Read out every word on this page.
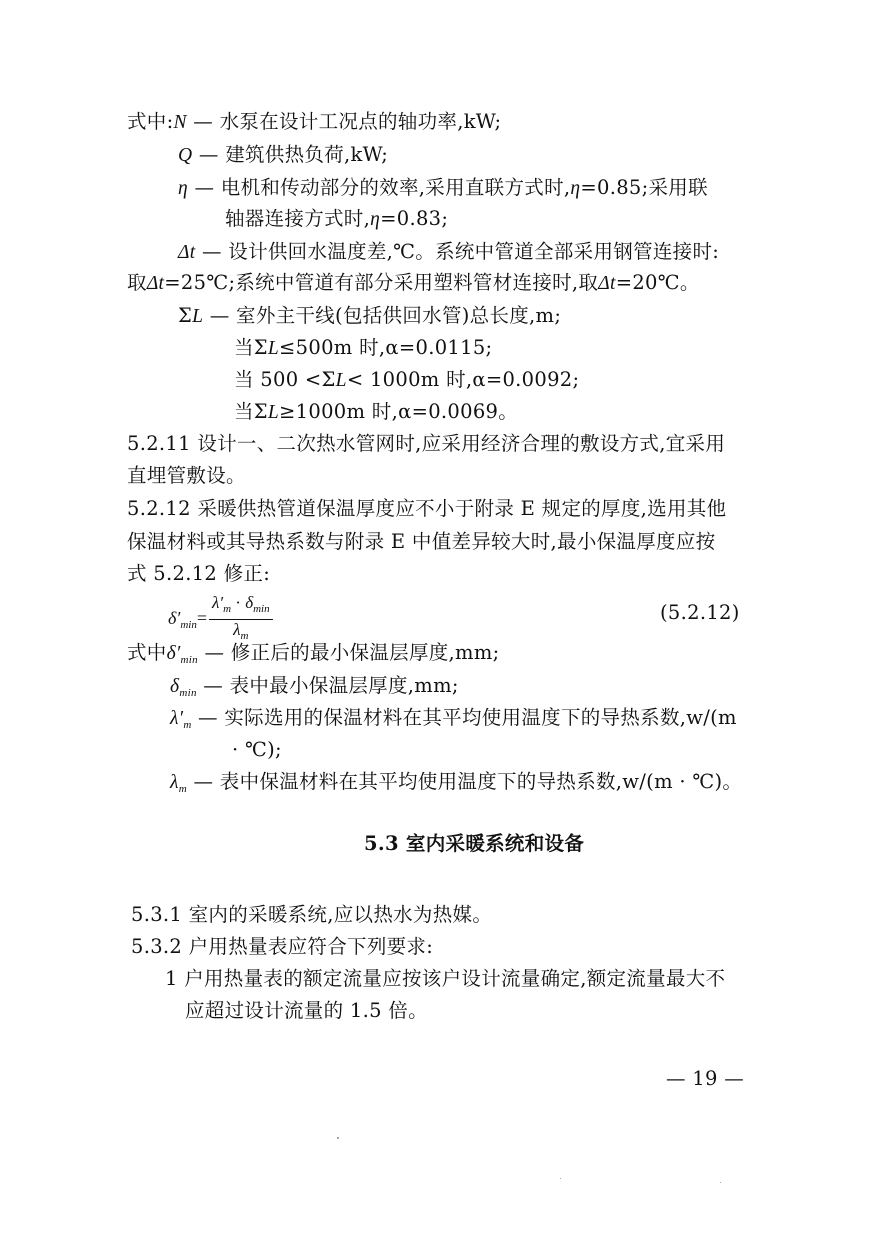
式中:N — 水泵在设计工况点的轴功率,kW;
Q — 建筑供热负荷,kW;
η — 电机和传动部分的效率,采用直联方式时,η=0.85;采用联
轴器连接方式时,η=0.83;
Δt — 设计供回水温度差,℃。系统中管道全部采用钢管连接时:
取Δt=25℃;系统中管道有部分采用塑料管材连接时,取Δt=20℃。
ΣL — 室外主干线(包括供回水管)总长度,m;
当ΣL≤500m 时,α=0.0115;
当 500 <ΣL< 1000m 时,α=0.0092;
当ΣL≥1000m 时,α=0.0069。
5.2.11 设计一、二次热水管网时,应采用经济合理的敷设方式,宜采用
直埋管敷设。
5.2.12 采暖供热管道保温厚度应不小于附录 E 规定的厚度,选用其他
保温材料或其导热系数与附录 E 中值差异较大时,最小保温厚度应按
式 5.2.12 修正:
$\delta'_{min}= \frac{\lambda'_m \cdot \delta_{min}}{\lambda_m}$	(5.2.12)
式中$\delta'_{min}$ — 修正后的最小保温层厚度,mm;
$\delta_{min}$ — 表中最小保温层厚度,mm;
$\lambda'_m$ — 实际选用的保温材料在其平均使用温度下的导热系数,w/(m
· ℃);
$\lambda_m$ — 表中保温材料在其平均使用温度下的导热系数,w/(m · ℃)。
5.3 室内采暖系统和设备
5.3.1 室内的采暖系统,应以热水为热媒。
5.3.2 户用热量表应符合下列要求:
1 户用热量表的额定流量应按该户设计流量确定,额定流量最大不
应超过设计流量的 1.5 倍。
— 19 —
